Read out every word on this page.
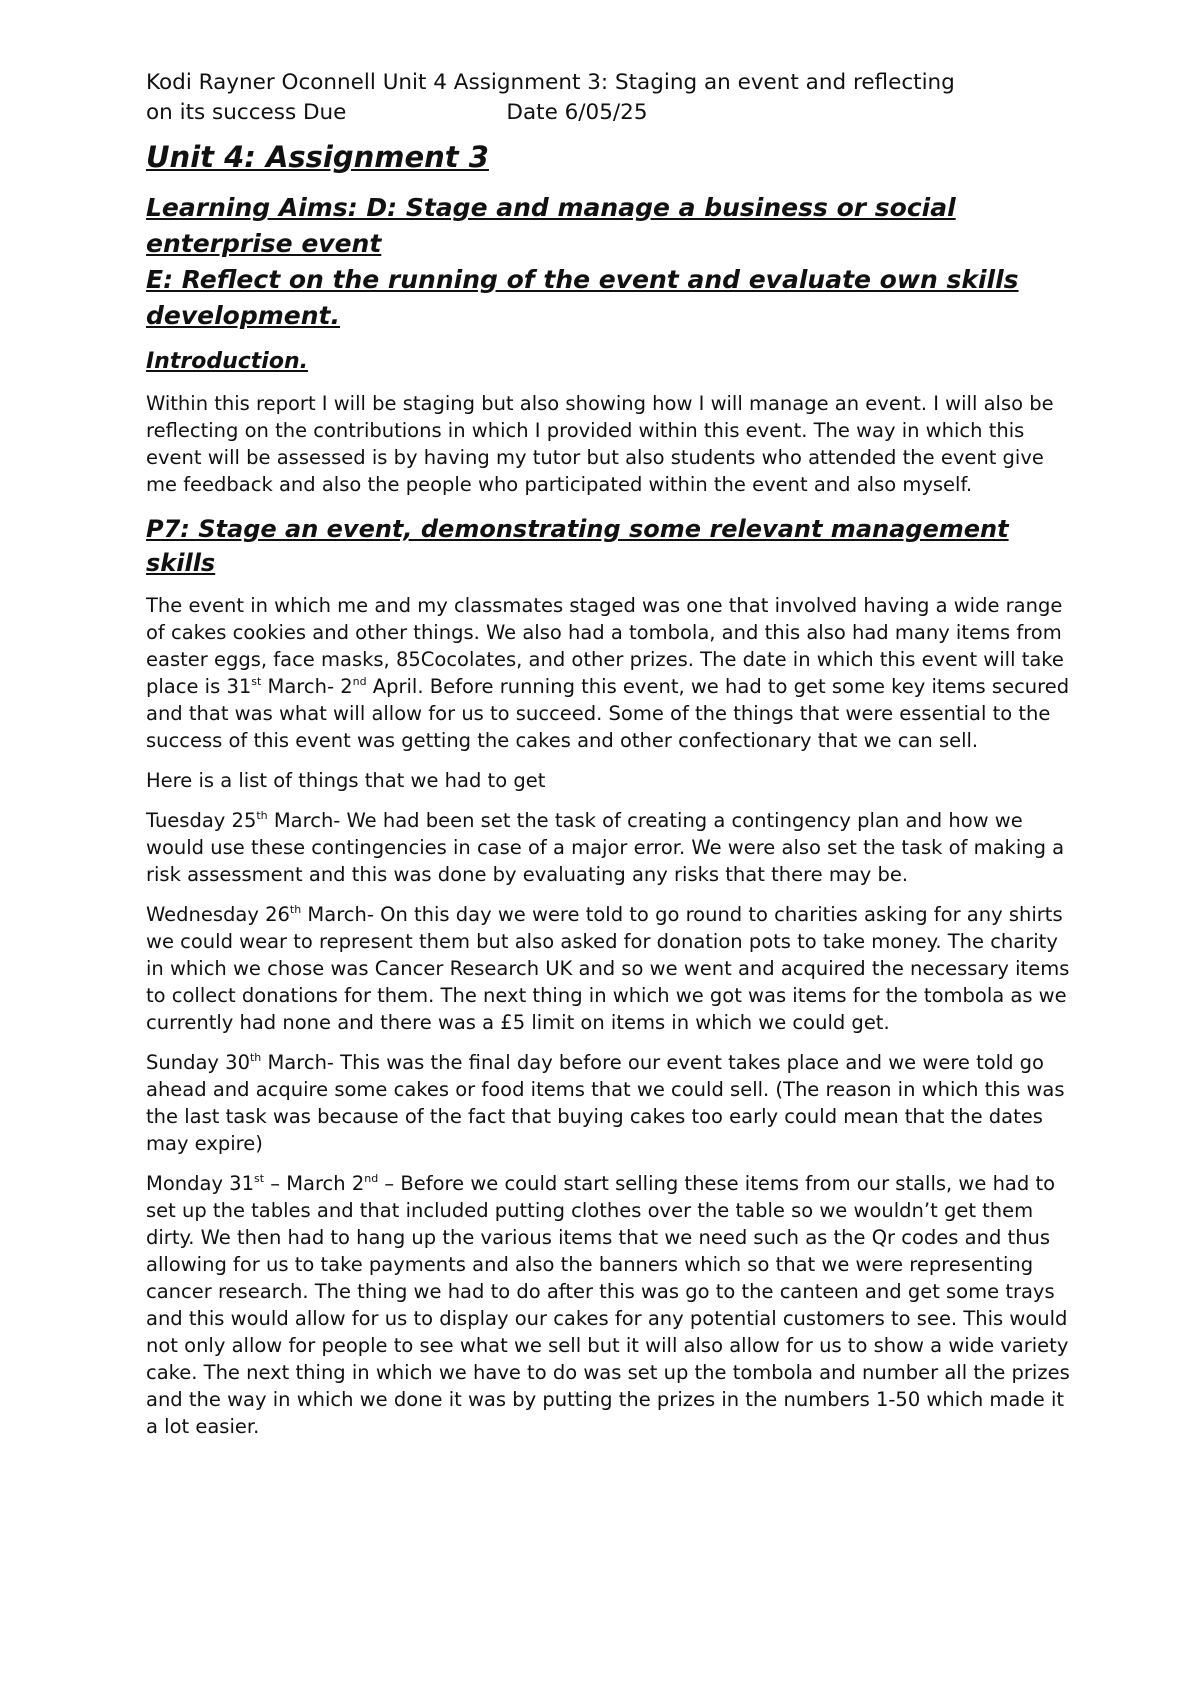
Kodi Rayner Oconnell Unit 4 Assignment 3: Staging an event and reflecting
on its success Due	Date 6/05/25
Unit 4: Assignment 3
Learning Aims: D: Stage and manage a business or social enterprise event
E: Reflect on the running of the event and evaluate own skills development.
Introduction.

Within this report I will be staging but also showing how I will manage an event. I will also be reflecting on the contributions in which I provided within this event. The way in which this event will be assessed is by having my tutor but also students who attended the event give me feedback and also the people who participated within the event and also myself.

P7: Stage an event, demonstrating some relevant management skills

The event in which me and my classmates staged was one that involved having a wide range of cakes cookies and other things. We also had a tombola, and this also had many items from easter eggs, face masks, 85Cocolates, and other prizes. The date in which this event will take place is 31st March- 2nd April. Before running this event, we had to get some key items secured and that was what will allow for us to succeed. Some of the things that were essential to the success of this event was getting the cakes and other confectionary that we can sell.

Here is a list of things that we had to get

Tuesday 25th March- We had been set the task of creating a contingency plan and how we would use these contingencies in case of a major error. We were also set the task of making a risk assessment and this was done by evaluating any risks that there may be.

Wednesday 26th March- On this day we were told to go round to charities asking for any shirts we could wear to represent them but also asked for donation pots to take money. The charity in which we chose was Cancer Research UK and so we went and acquired the necessary items to collect donations for them. The next thing in which we got was items for the tombola as we currently had none and there was a £5 limit on items in which we could get.

Sunday 30th March- This was the final day before our event takes place and we were told go ahead and acquire some cakes or food items that we could sell. (The reason in which this was the last task was because of the fact that buying cakes too early could mean that the dates may expire)

Monday 31st – March 2nd – Before we could start selling these items from our stalls, we had to set up the tables and that included putting clothes over the table so we wouldn’t get them dirty. We then had to hang up the various items that we need such as the Qr codes and thus allowing for us to take payments and also the banners which so that we were representing cancer research. The thing we had to do after this was go to the canteen and get some trays and this would allow for us to display our cakes for any potential customers to see. This would not only allow for people to see what we sell but it will also allow for us to show a wide variety cake. The next thing in which we have to do was set up the tombola and number all the prizes and the way in which we done it was by putting the prizes in the numbers 1-50 which made it a lot easier.
